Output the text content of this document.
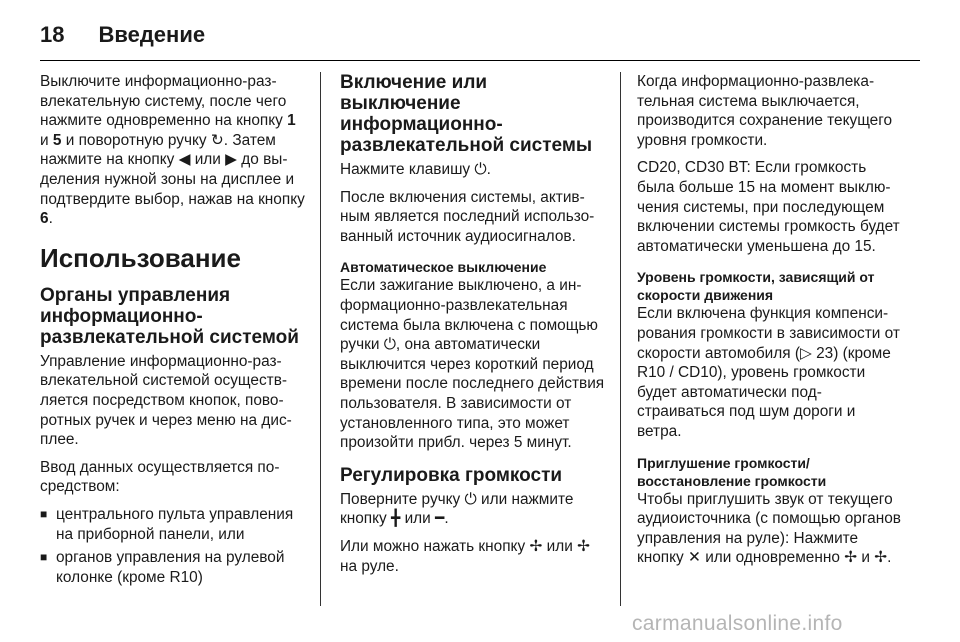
18 Введение

Выключите информационно-развлекательную систему, после чего нажмите одновременно на кнопку 1 и 5 и поворотную ручку ↻. Затем нажмите на кнопку ◀ или ▶ до выделения нужной зоны на дисплее и подтвердите выбор, нажав на кнопку 6.

Использование
Органы управления информационно-развлекательной системой

Управление информационно-развлекательной системой осуществляется посредством кнопок, поворотных ручек и через меню на дисплее.

Ввод данных осуществляется посредством:

■ центрального пульта управления на приборной панели, или
■ органов управления на рулевой колонке (кроме R10)
Включение или выключение информационно-развлекательной системы

Нажмите клавишу ⏻.

После включения системы, активным является последний использованный источник аудиосигналов.

Автоматическое выключение

Если зажигание выключено, а информационно-развлекательная система была включена с помощью ручки ⏻, она автоматически выключится через короткий период времени после последнего действия пользователя. В зависимости от установленного типа, это может произойти прибл. через 5 минут.

Регулировка громкости

Поверните ручку ⏻ или нажмите кнопку ╋ или ━.

Или можно нажать кнопку ✢ или ✢ на руле.

Когда информационно-развлекательная система выключается, производится сохранение текущего уровня громкости.

CD20, CD30 BT: Если громкость была больше 15 на момент выключения системы, при последующем включении системы громкость будет автоматически уменьшена до 15.

Уровень громкости, зависящий от скорости движения

Если включена функция компенсирования громкости в зависимости от скорости автомобиля (▷ 23) (кроме R10 / CD10), уровень громкости будет автоматически подстраиваться под шум дороги и ветра.

Приглушение громкости/ восстановление громкости

Чтобы приглушить звук от текущего аудиоисточника (с помощью органов управления на руле): Нажмите кнопку ✕ или одновременно ✢ и ✢.

carmanualsonline.info
